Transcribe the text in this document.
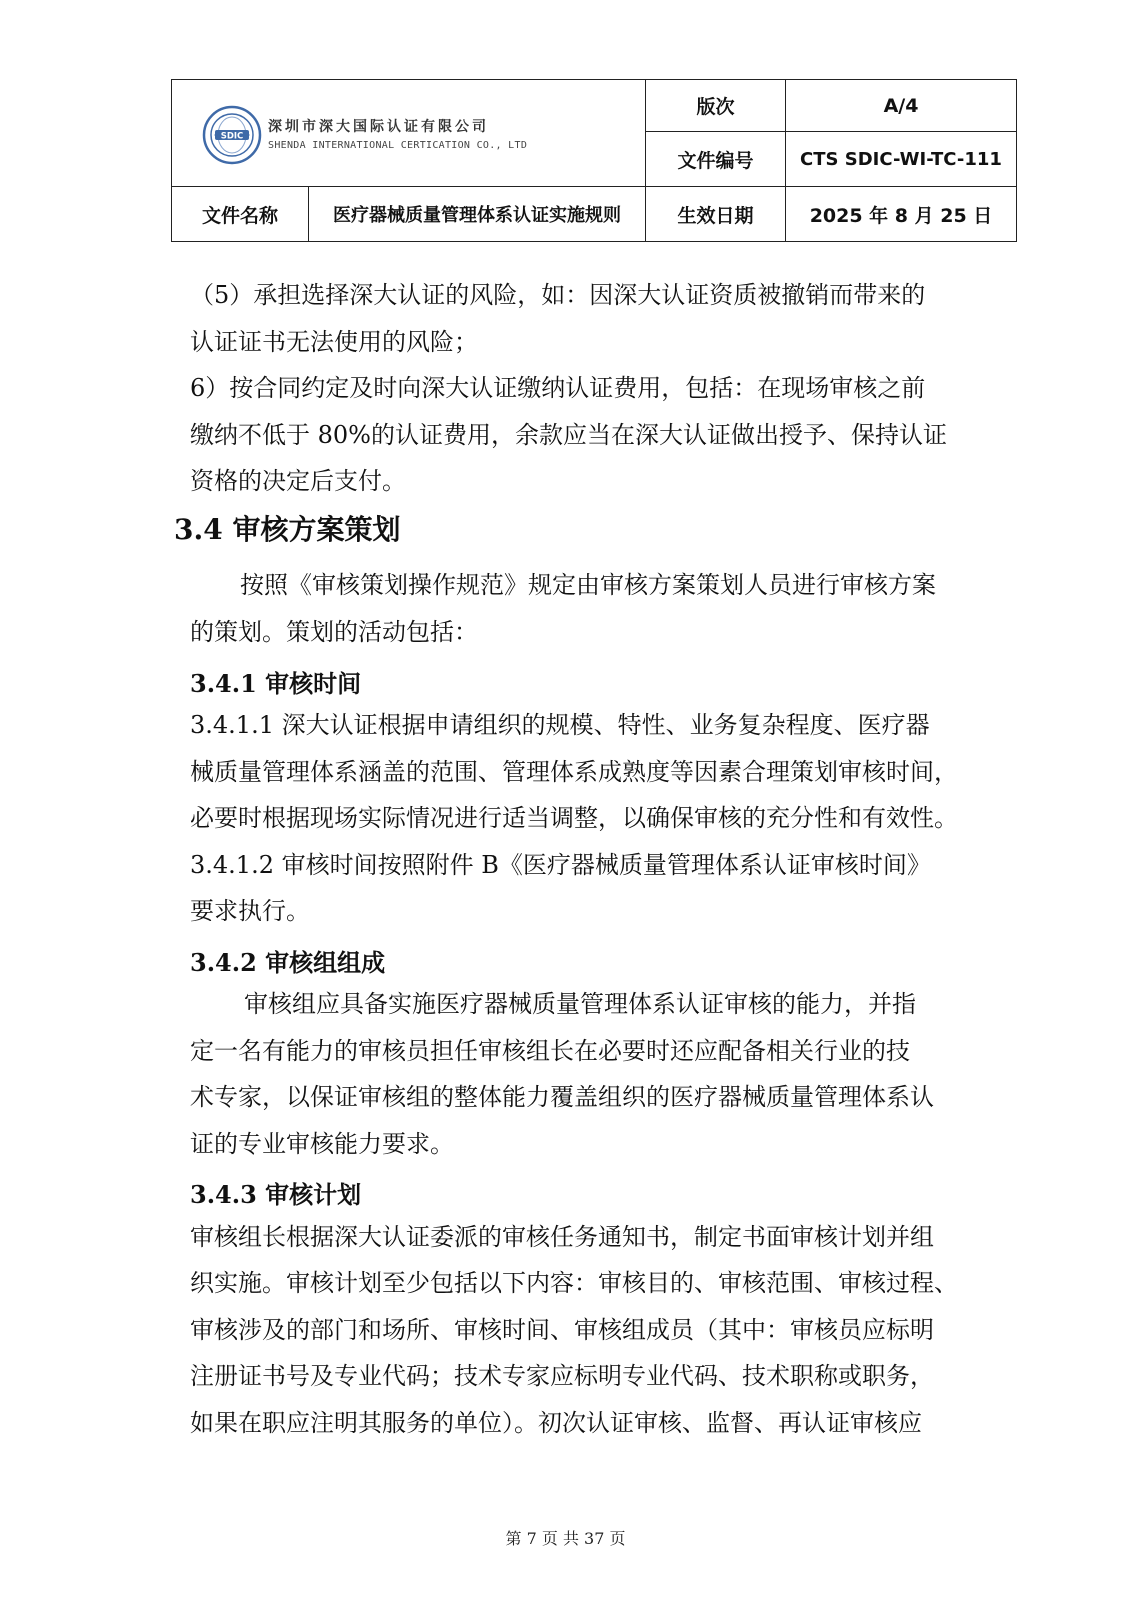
SDIC
深圳市深大国际认证有限公司
SHENDA INTERNATIONAL CERTICATION CO., LTD
版次	A/4
文件编号	CTS SDIC-WI-TC-111
文件名称	医疗器械质量管理体系认证实施规则	生效日期	2025 年 8 月 25 日
（5）承担选择深大认证的风险，如：因深大认证资质被撤销而带来的
认证证书无法使用的风险；
6）按合同约定及时向深大认证缴纳认证费用，包括：在现场审核之前
缴纳不低于 80%的认证费用，余款应当在深大认证做出授予、保持认证
资格的决定后支付。
3.4 审核方案策划
按照《审核策划操作规范》规定由审核方案策划人员进行审核方案
的策划。策划的活动包括：
3.4.1 审核时间
3.4.1.1 深大认证根据申请组织的规模、特性、业务复杂程度、医疗器
械质量管理体系涵盖的范围、管理体系成熟度等因素合理策划审核时间，
必要时根据现场实际情况进行适当调整，以确保审核的充分性和有效性。
3.4.1.2 审核时间按照附件 B《医疗器械质量管理体系认证审核时间》
要求执行。
3.4.2 审核组组成
审核组应具备实施医疗器械质量管理体系认证审核的能力，并指
定一名有能力的审核员担任审核组长在必要时还应配备相关行业的技
术专家，以保证审核组的整体能力覆盖组织的医疗器械质量管理体系认
证的专业审核能力要求。
3.4.3 审核计划
审核组长根据深大认证委派的审核任务通知书，制定书面审核计划并组
织实施。审核计划至少包括以下内容：审核目的、审核范围、审核过程、
审核涉及的部门和场所、审核时间、审核组成员（其中：审核员应标明
注册证书号及专业代码；技术专家应标明专业代码、技术职称或职务，
如果在职应注明其服务的单位）。初次认证审核、监督、再认证审核应
第 7 页 共 37 页
